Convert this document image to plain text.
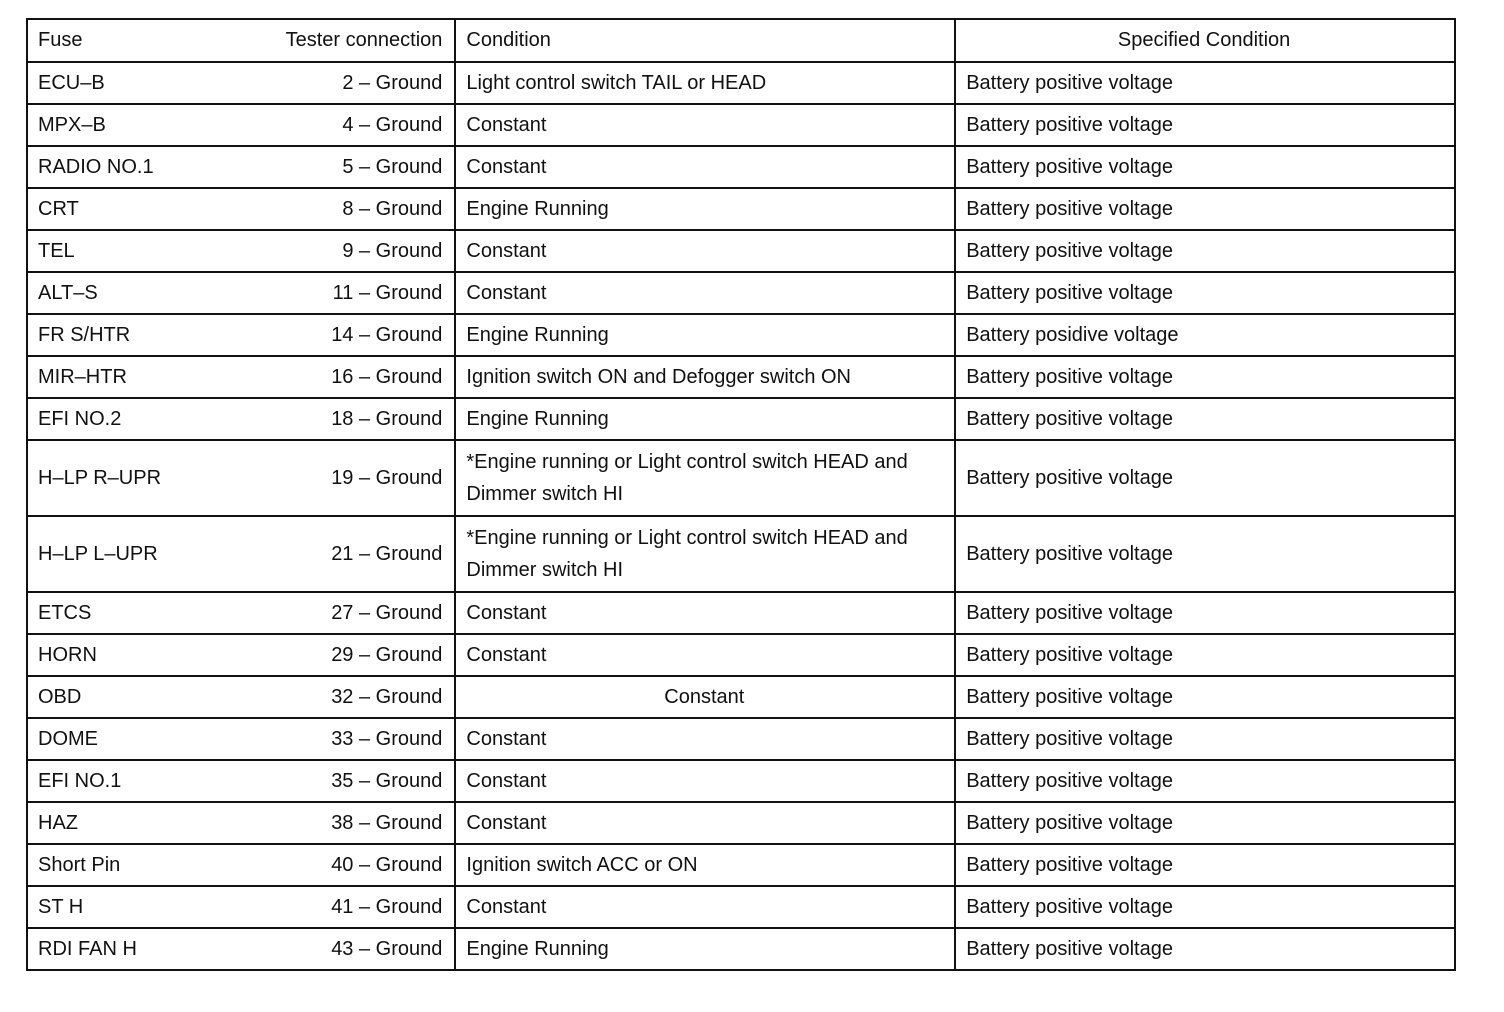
Fuse Tester connection	Condition	Specified Condition

ECU–B 2 – Ground	Light control switch TAIL or HEAD	Battery positive voltage

MPX–B 4 – Ground	Constant	Battery positive voltage

RADIO NO.1 5 – Ground	Constant	Battery positive voltage

CRT 8 – Ground	Engine Running	Battery positive voltage

TEL 9 – Ground	Constant	Battery positive voltage

ALT–S 11 – Ground	Constant	Battery positive voltage

FR S/HTR 14 – Ground	Engine Running	Battery posidive voltage

MIR–HTR 16 – Ground	Ignition switch ON and Defogger switch ON	Battery positive voltage

EFI NO.2 18 – Ground	Engine Running	Battery positive voltage

H–LP R–UPR 19 – Ground	*Engine running or Light control switch HEAD and Dimmer switch HI	Battery positive voltage

H–LP L–UPR 21 – Ground	*Engine running or Light control switch HEAD and Dimmer switch HI	Battery positive voltage

ETCS 27 – Ground	Constant	Battery positive voltage

HORN 29 – Ground	Constant	Battery positive voltage

OBD 32 – Ground	Constant	Battery positive voltage

DOME 33 – Ground	Constant	Battery positive voltage

EFI NO.1 35 – Ground	Constant	Battery positive voltage

HAZ 38 – Ground	Constant	Battery positive voltage

Short Pin 40 – Ground	Ignition switch ACC or ON	Battery positive voltage

ST H 41 – Ground	Constant	Battery positive voltage

RDI FAN H 43 – Ground	Engine Running	Battery positive voltage
